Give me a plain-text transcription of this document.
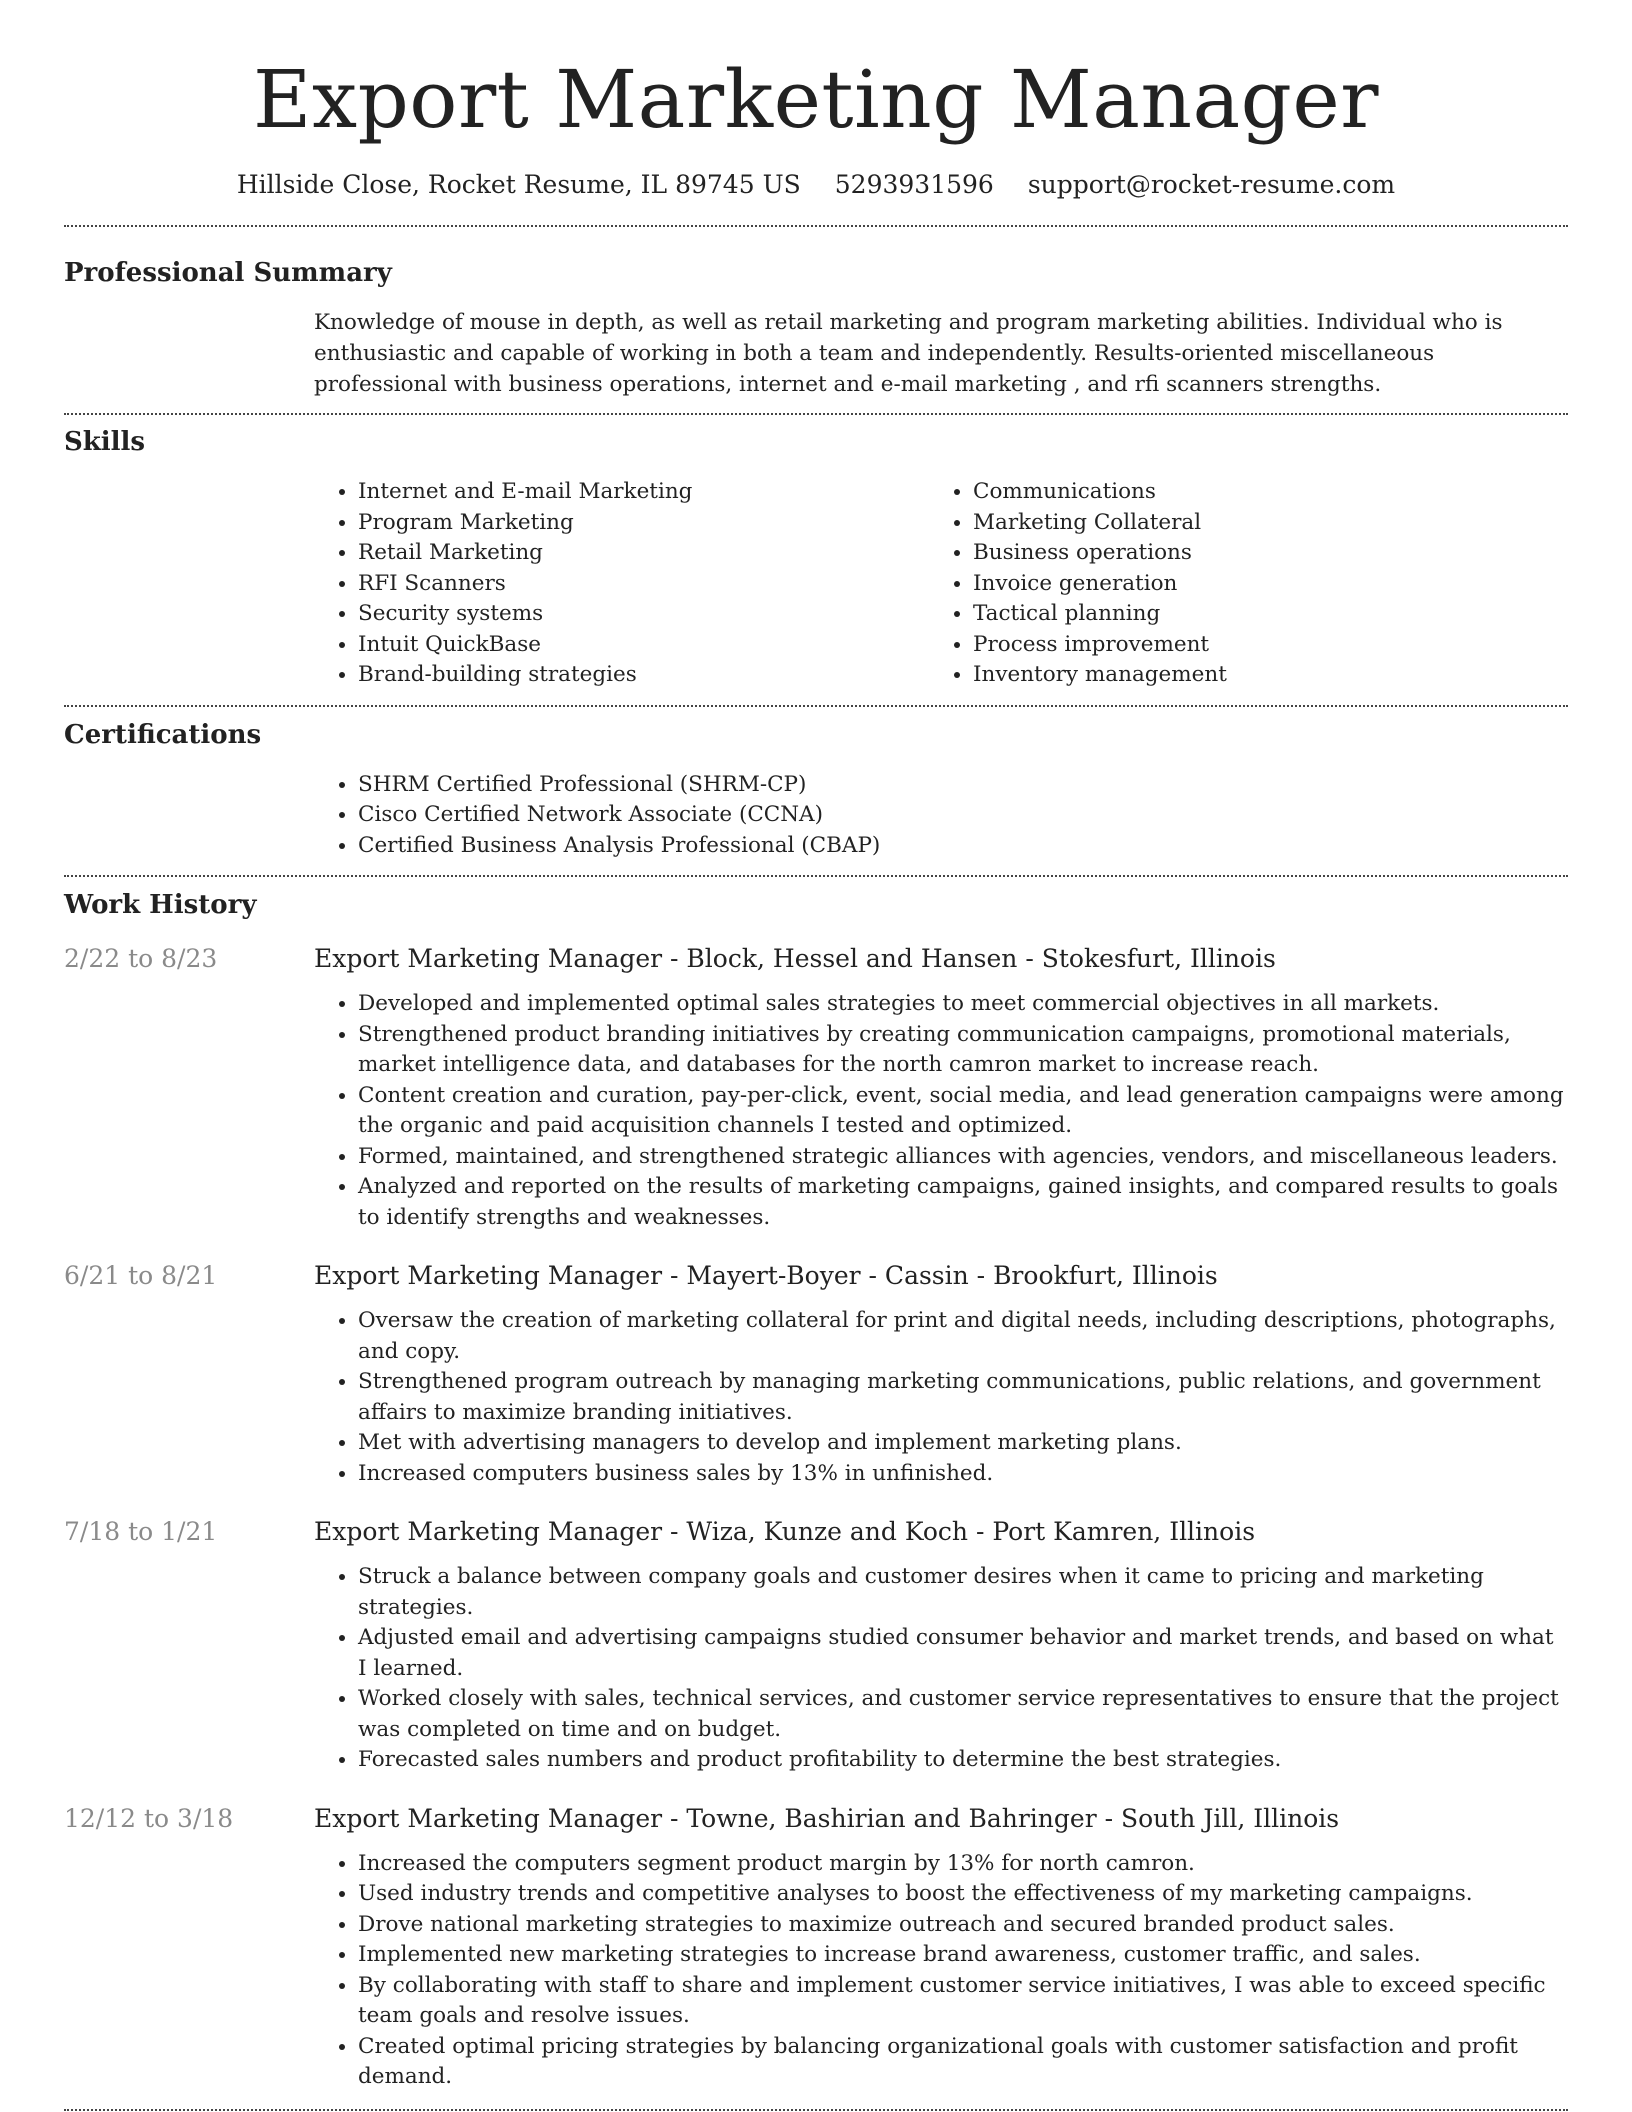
Export Marketing Manager
Hillside Close, Rocket Resume, IL 89745 US 5293931596 support@rocket-resume.com
Professional Summary

Knowledge of mouse in depth, as well as retail marketing and program marketing abilities. Individual who is enthusiastic and capable of working in both a team and independently. Results-oriented miscellaneous professional with business operations, internet and e-mail marketing , and rfi scanners strengths.

Skills
• Internet and E-mail Marketing
• Program Marketing
• Retail Marketing
• RFI Scanners
• Security systems
• Intuit QuickBase
• Brand-building strategies
• Communications
• Marketing Collateral
• Business operations
• Invoice generation
• Tactical planning
• Process improvement
• Inventory management
Certifications
• SHRM Certified Professional (SHRM-CP)
• Cisco Certified Network Associate (CCNA)
• Certified Business Analysis Professional (CBAP)
Work History
2/22 to 8/23	Export Marketing Manager - Block, Hessel and Hansen - Stokesfurt, Illinois
• Developed and implemented optimal sales strategies to meet commercial objectives in all markets.
• Strengthened product branding initiatives by creating communication campaigns, promotional materials, market intelligence data, and databases for the north camron market to increase reach.
• Content creation and curation, pay-per-click, event, social media, and lead generation campaigns were among the organic and paid acquisition channels I tested and optimized.
• Formed, maintained, and strengthened strategic alliances with agencies, vendors, and miscellaneous leaders.
• Analyzed and reported on the results of marketing campaigns, gained insights, and compared results to goals to identify strengths and weaknesses.
6/21 to 8/21	Export Marketing Manager - Mayert-Boyer - Cassin - Brookfurt, Illinois
• Oversaw the creation of marketing collateral for print and digital needs, including descriptions, photographs, and copy.
• Strengthened program outreach by managing marketing communications, public relations, and government affairs to maximize branding initiatives.
• Met with advertising managers to develop and implement marketing plans.
• Increased computers business sales by 13% in unfinished.
7/18 to 1/21	Export Marketing Manager - Wiza, Kunze and Koch - Port Kamren, Illinois
• Struck a balance between company goals and customer desires when it came to pricing and marketing strategies.
• Adjusted email and advertising campaigns studied consumer behavior and market trends, and based on what I learned.
• Worked closely with sales, technical services, and customer service representatives to ensure that the project was completed on time and on budget.
• Forecasted sales numbers and product profitability to determine the best strategies.
12/12 to 3/18	Export Marketing Manager - Towne, Bashirian and Bahringer - South Jill, Illinois
• Increased the computers segment product margin by 13% for north camron.
• Used industry trends and competitive analyses to boost the effectiveness of my marketing campaigns.
• Drove national marketing strategies to maximize outreach and secured branded product sales.
• Implemented new marketing strategies to increase brand awareness, customer traffic, and sales.
• By collaborating with staff to share and implement customer service initiatives, I was able to exceed specific team goals and resolve issues.
• Created optimal pricing strategies by balancing organizational goals with customer satisfaction and profit demand.
